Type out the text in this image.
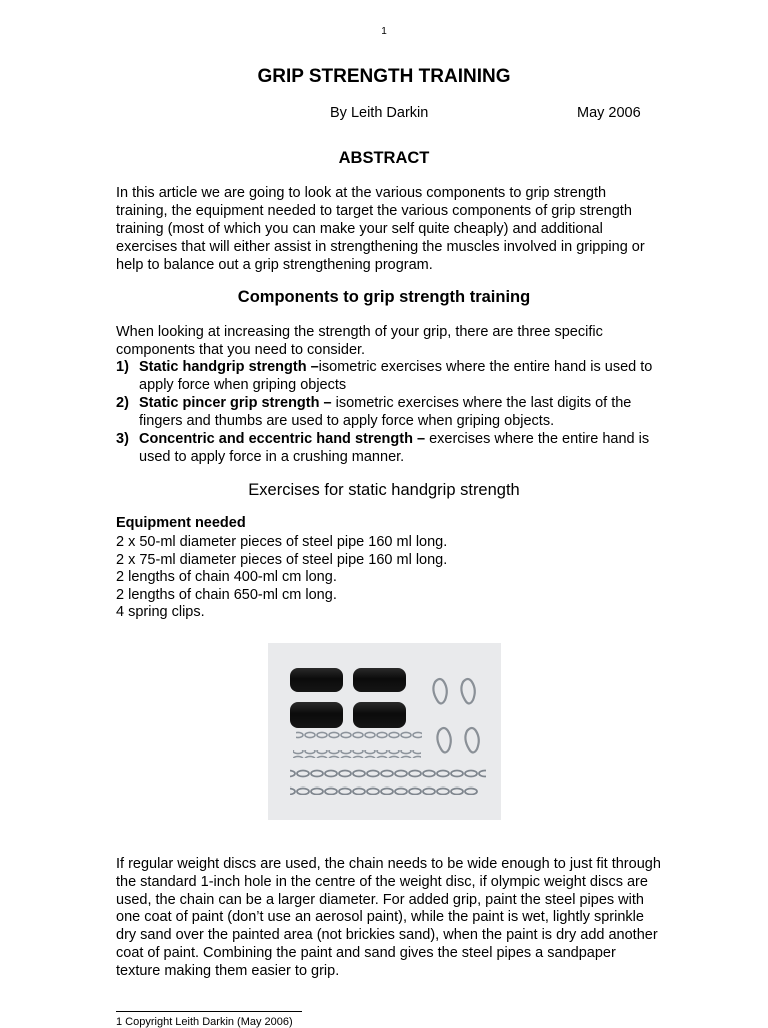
1
GRIP STRENGTH TRAINING
By Leith Darkin	May 2006
ABSTRACT
In this article we are going to look at the various components to grip strength training, the equipment needed to target the various components of grip strength training (most of which you can make your self quite cheaply) and additional exercises that will either assist in strengthening the muscles involved in gripping or help to balance out a grip strengthening program.
Components to grip strength training
When looking at increasing the strength of your grip, there are three specific components that you need to consider.
1) Static handgrip strength –isometric exercises where the entire hand is used to apply force when griping objects
2) Static pincer grip strength – isometric exercises where the last digits of the fingers and thumbs are used to apply force when griping objects.
3) Concentric and eccentric hand strength – exercises where the entire hand is used to apply force in a crushing manner.
Exercises for static handgrip strength
Equipment needed
2 x 50-ml diameter pieces of steel pipe 160 ml long.
2 x 75-ml diameter pieces of steel pipe 160 ml long.
2 lengths of chain 400-ml cm long.
2 lengths of chain 650-ml cm long.
4 spring clips.
If regular weight discs are used, the chain needs to be wide enough to just fit through the standard 1-inch hole in the centre of the weight disc, if olympic weight discs are used, the chain can be a larger diameter. For added grip, paint the steel pipes with one coat of paint (don’t use an aerosol paint), while the paint is wet, lightly sprinkle dry sand over the painted area (not brickies sand), when the paint is dry add another coat of paint. Combining the paint and sand gives the steel pipes a sandpaper texture making them easier to grip.
1 Copyright Leith Darkin (May 2006)
